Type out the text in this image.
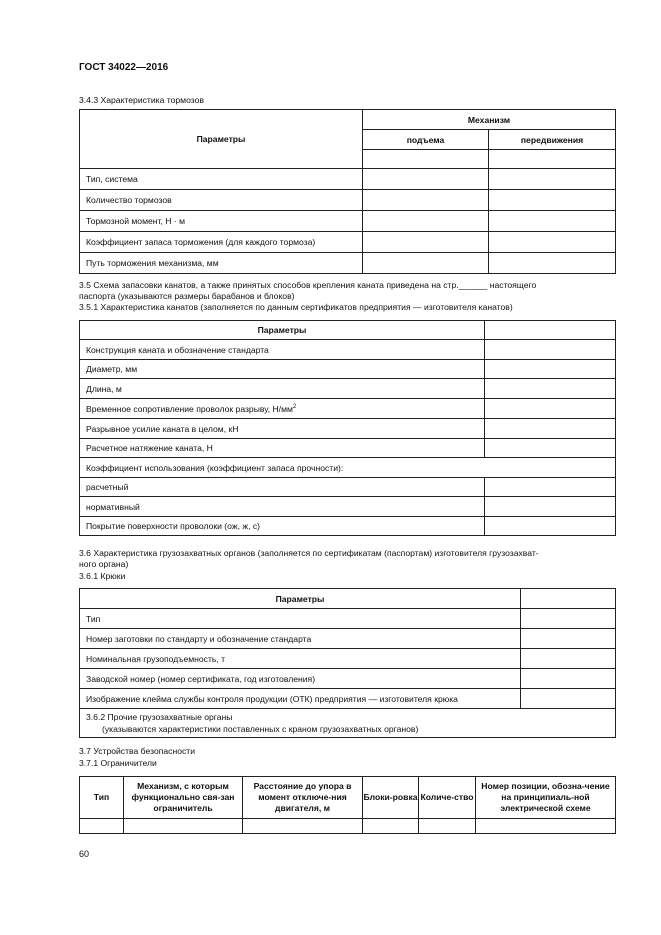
ГОСТ 34022—2016
3.4.3 Характеристика тормозов
Параметры	Механизм	
	подъема	передвижения

Тип, система		
Количество тормозов		
Тормозной момент, Н · м		
Коэффициент запаса торможения (для каждого тормоза)		
Путь торможения механизма, мм		
3.5 Схема запасовки канатов, а также принятых способов крепления каната приведена на стр.______ настоящего
паспорта (указываются размеры барабанов и блоков)
3.5.1 Характеристика канатов (заполняется по данным сертификатов предприятия — изготовителя канатов)
Параметры	
Конструкция каната и обозначение стандарта	
Диаметр, мм	
Длина, м	
Временное сопротивление проволок разрыву, $Н/мм^2$	
Разрывное усилие каната в целом, кН	
Расчетное натяжение каната, Н	
Коэффициент использования (коэффициент запаса прочности):	
расчетный	
нормативный	
Покрытие поверхности проволоки (ож, ж, с)	
3.6 Характеристика грузозахватных органов (заполняется по сертификатам (паспортам) изготовителя грузозахват-
ного органа)
3.6.1 Крюки
Параметры	
Тип	
Номер заготовки по стандарту и обозначение стандарта	
Номинальная грузоподъемность, т	
Заводской номер (номер сертификата, год изготовления)	
Изображение клейма службы контроля продукции (ОТК) предприятия — изготовителя крюка	

3.6.2 Прочие грузозахватные органы
(указываются характеристики поставленных с краном грузозахватных органов)	
3.7 Устройства безопасности
3.7.1 Ограничители
Тип	Механизм, с которым функционально свя-зан ограничитель	Расстояние до упора в момент отключе-ния двигателя, м	Блоки-ровка	Количе-ство	Номер позиции, обозна-чение на принципиаль-ной электрической схеме

60
